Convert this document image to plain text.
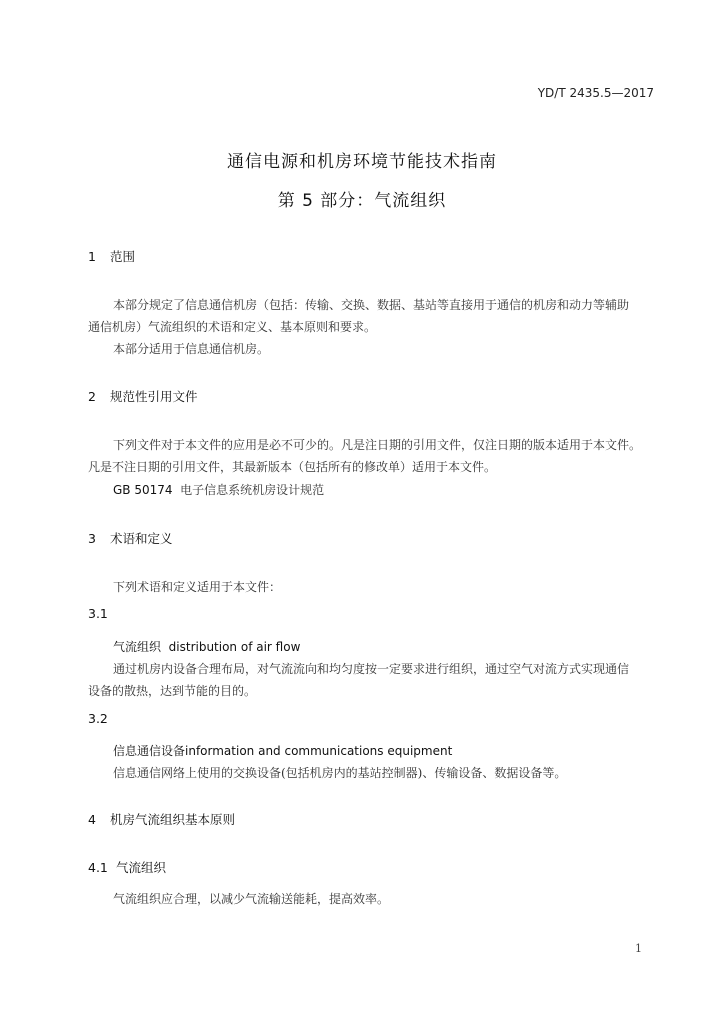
YD/T 2435.5—2017
通信电源和机房环境节能技术指南
第 5 部分：气流组织
1 范围
本部分规定了信息通信机房（包括：传输、交换、数据、基站等直接用于通信的机房和动力等辅助
通信机房）气流组织的术语和定义、基本原则和要求。
本部分适用于信息通信机房。
2 规范性引用文件
下列文件对于本文件的应用是必不可少的。凡是注日期的引用文件，仅注日期的版本适用于本文件。
凡是不注日期的引用文件，其最新版本（包括所有的修改单）适用于本文件。
GB 50174 电子信息系统机房设计规范
3 术语和定义
下列术语和定义适用于本文件：
3.1
气流组织 distribution of air flow
通过机房内设备合理布局，对气流流向和均匀度按一定要求进行组织，通过空气对流方式实现通信
设备的散热，达到节能的目的。
3.2
信息通信设备information and communications equipment
信息通信网络上使用的交换设备(包括机房内的基站控制器)、传输设备、数据设备等。
4 机房气流组织基本原则
4.1 气流组织
气流组织应合理，以减少气流输送能耗，提高效率。
1
